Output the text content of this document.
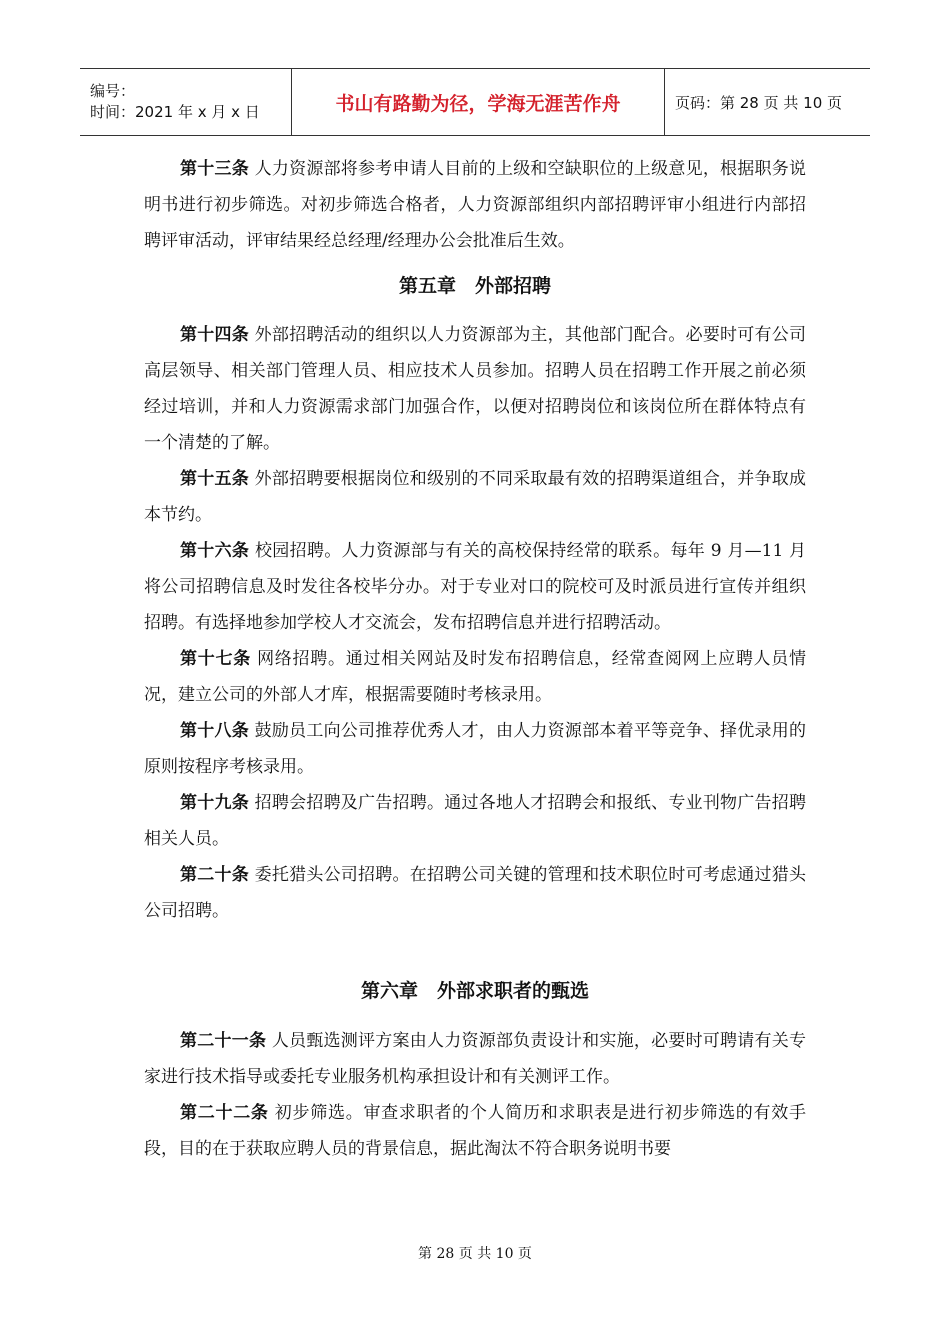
编号：
时间：2021 年 x 月 x 日	书山有路勤为径，学海无涯苦作舟	页码：第 28 页 共 10 页

第十三条 人力资源部将参考申请人目前的上级和空缺职位的上级意见，根据职务说明书进行初步筛选。对初步筛选合格者，人力资源部组织内部招聘评审小组进行内部招聘评审活动，评审结果经总经理/经理办公会批准后生效。

第五章　外部招聘

第十四条 外部招聘活动的组织以人力资源部为主，其他部门配合。必要时可有公司高层领导、相关部门管理人员、相应技术人员参加。招聘人员在招聘工作开展之前必须经过培训，并和人力资源需求部门加强合作，以便对招聘岗位和该岗位所在群体特点有一个清楚的了解。

第十五条 外部招聘要根据岗位和级别的不同采取最有效的招聘渠道组合，并争取成本节约。

第十六条 校园招聘。人力资源部与有关的高校保持经常的联系。每年 9 月—11 月将公司招聘信息及时发往各校毕分办。对于专业对口的院校可及时派员进行宣传并组织招聘。有选择地参加学校人才交流会，发布招聘信息并进行招聘活动。

第十七条 网络招聘。通过相关网站及时发布招聘信息，经常查阅网上应聘人员情况，建立公司的外部人才库，根据需要随时考核录用。

第十八条 鼓励员工向公司推荐优秀人才，由人力资源部本着平等竞争、择优录用的原则按程序考核录用。

第十九条 招聘会招聘及广告招聘。通过各地人才招聘会和报纸、专业刊物广告招聘相关人员。

第二十条 委托猎头公司招聘。在招聘公司关键的管理和技术职位时可考虑通过猎头公司招聘。

第六章　外部求职者的甄选

第二十一条 人员甄选测评方案由人力资源部负责设计和实施，必要时可聘请有关专家进行技术指导或委托专业服务机构承担设计和有关测评工作。

第二十二条 初步筛选。审查求职者的个人简历和求职表是进行初步筛选的有效手段，目的在于获取应聘人员的背景信息，据此淘汰不符合职务说明书要

第 28 页 共 10 页
